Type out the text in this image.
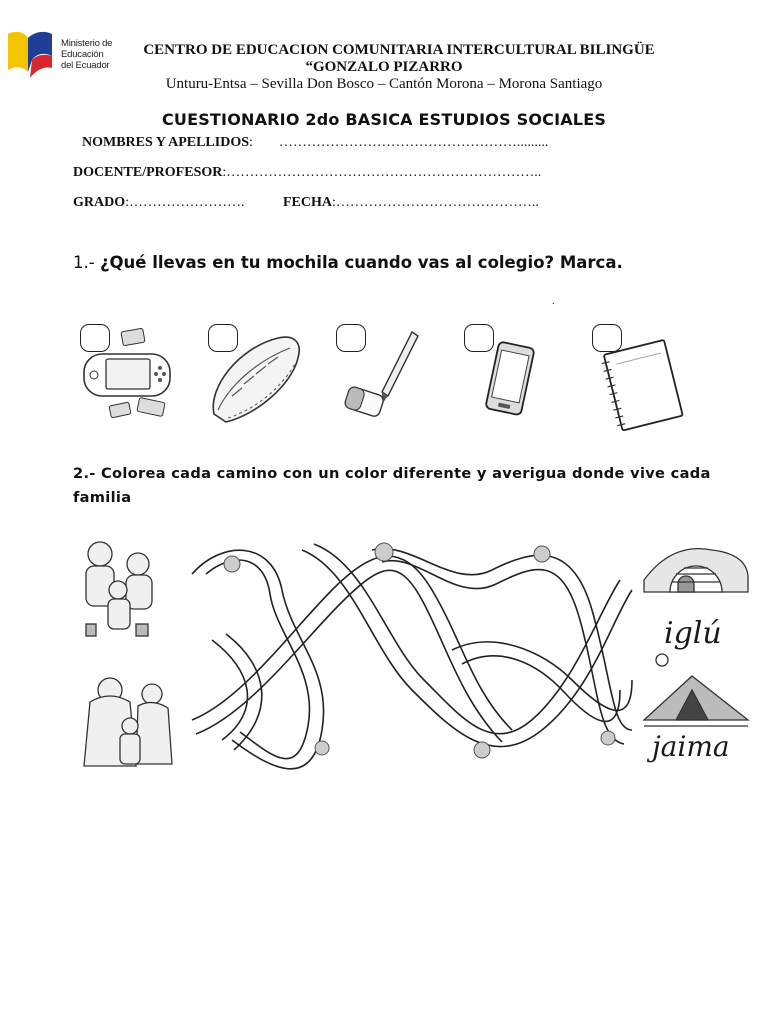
Ministerio de
Educación
del Ecuador
CENTRO DE EDUCACION COMUNITARIA INTERCULTURAL BILINGÜE
“GONZALO PIZARRO
Unturu-Entsa – Sevilla Don Bosco – Cantón Morona – Morona Santiago
CUESTIONARIO 2do BASICA ESTUDIOS SOCIALES
NOMBRES Y APELLIDOS: …………………………………………….........
DOCENTE/PROFESOR:…………………………………………………………..
GRADO:…………………….	FECHA:……………………………………..
1.- ¿Qué llevas en tu mochila cuando vas al colegio? Marca.
.
2.- Colorea cada camino con un color diferente y averigua donde vive cada familia
iglú
jaima
